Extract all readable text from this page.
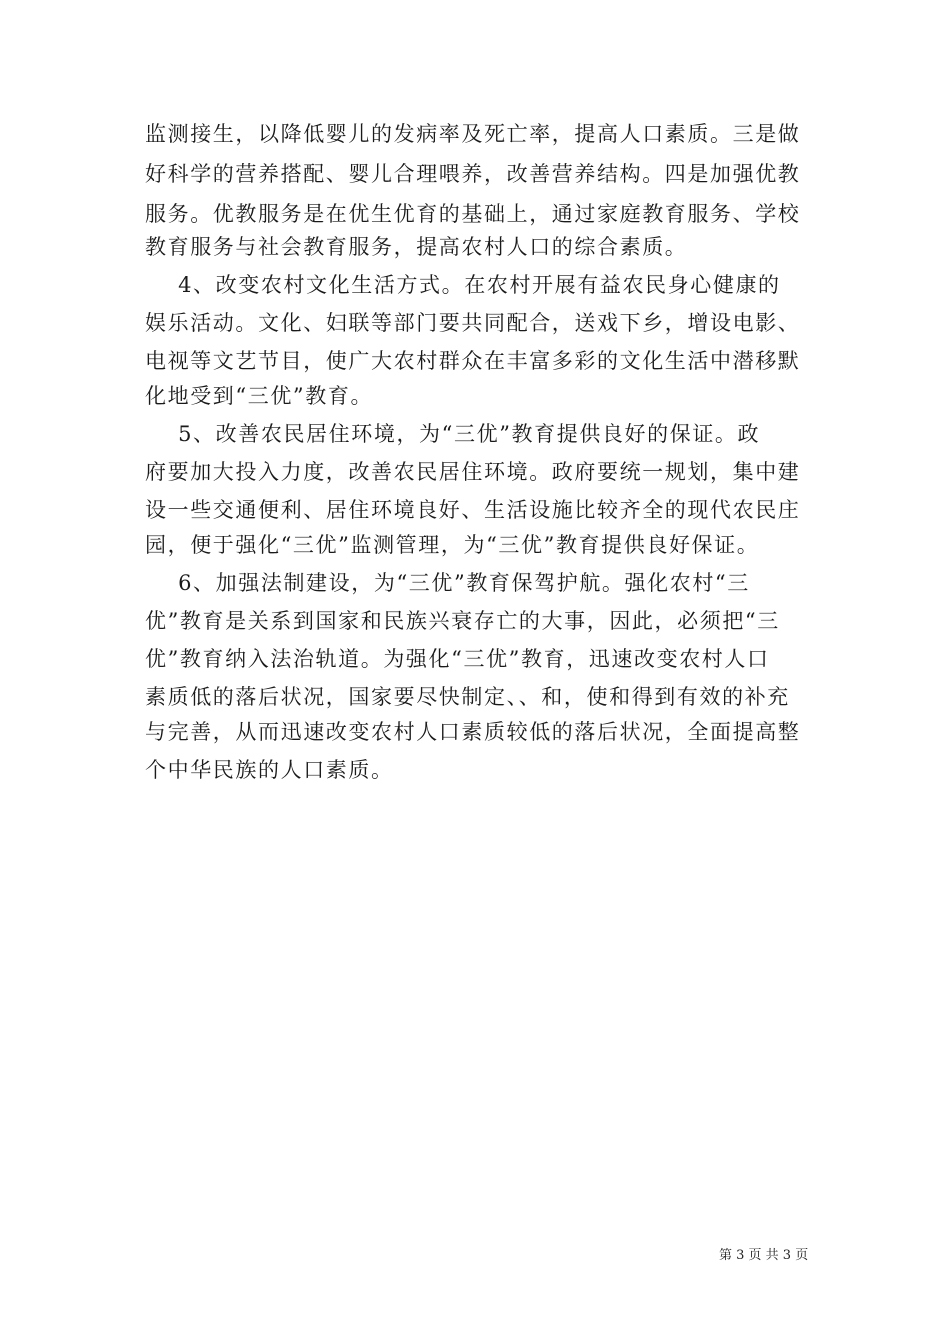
监测接生，以降低婴儿的发病率及死亡率，提高人口素质。三是做
好科学的营养搭配、婴儿合理喂养，改善营养结构。四是加强优教
服务。优教服务是在优生优育的基础上，通过家庭教育服务、学校
教育服务与社会教育服务，提高农村人口的综合素质。
4、改变农村文化生活方式。在农村开展有益农民身心健康的
娱乐活动。文化、妇联等部门要共同配合，送戏下乡，增设电影、
电视等文艺节目，使广大农村群众在丰富多彩的文化生活中潜移默
化地受到“三优”教育。
5、改善农民居住环境，为“三优”教育提供良好的保证。政
府要加大投入力度，改善农民居住环境。政府要统一规划，集中建
设一些交通便利、居住环境良好、生活设施比较齐全的现代农民庄
园，便于强化“三优”监测管理，为“三优”教育提供良好保证。
6、加强法制建设，为“三优”教育保驾护航。强化农村“三
优”教育是关系到国家和民族兴衰存亡的大事，因此，必须把“三
优”教育纳入法治轨道。为强化“三优”教育，迅速改变农村人口
素质低的落后状况，国家要尽快制定、、和，使和得到有效的补充
与完善，从而迅速改变农村人口素质较低的落后状况，全面提高整
个中华民族的人口素质。
第 3 页 共 3 页
